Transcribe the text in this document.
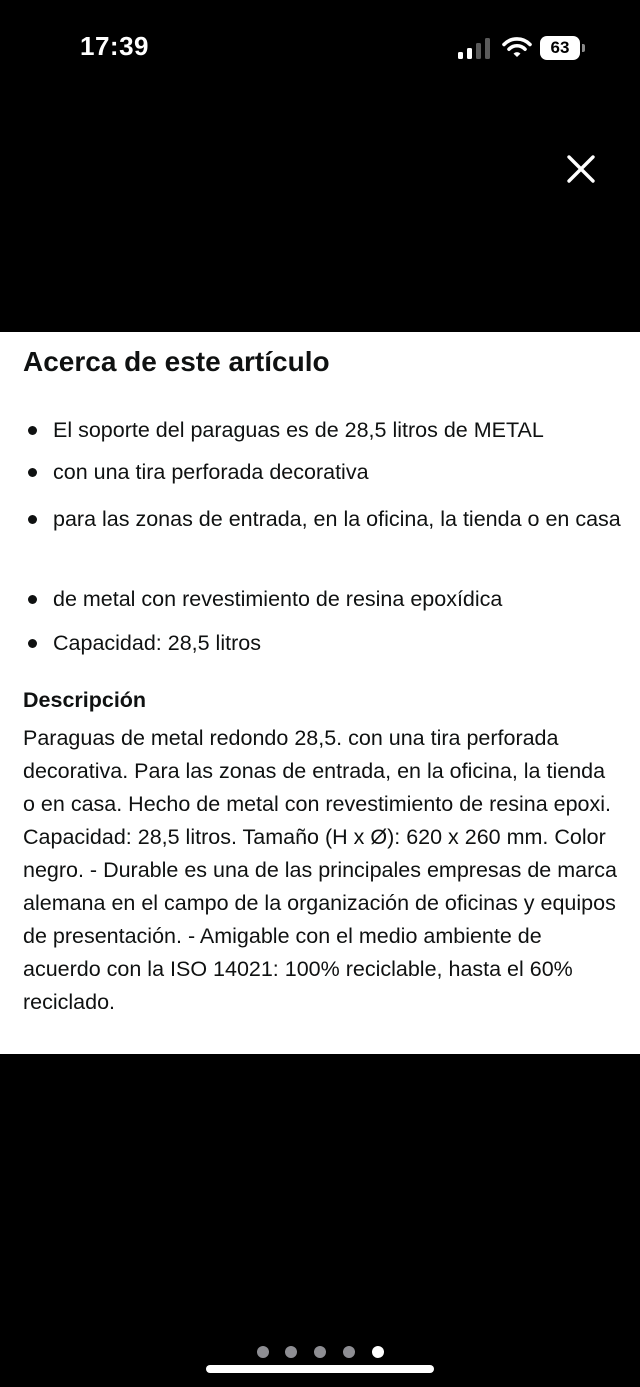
17:39	63
Acerca de este artículo
El soporte del paraguas es de 28,5 litros de METAL
con una tira perforada decorativa
para las zonas de entrada, en la oficina, la tienda o en casa
de metal con revestimiento de resina epoxídica
Capacidad: 28,5 litros
Descripción
Paraguas de metal redondo 28,5. con una tira perforada decorativa. Para las zonas de entrada, en la oficina, la tienda o en casa. Hecho de metal con revestimiento de resina epoxi. Capacidad: 28,5 litros. Tamaño (H x Ø): 620 x 260 mm. Color negro. - Durable es una de las principales empresas de marca alemana en el campo de la organización de oficinas y equipos de presentación. - Amigable con el medio ambiente de acuerdo con la ISO 14021: 100% reciclable, hasta el 60% reciclado.
